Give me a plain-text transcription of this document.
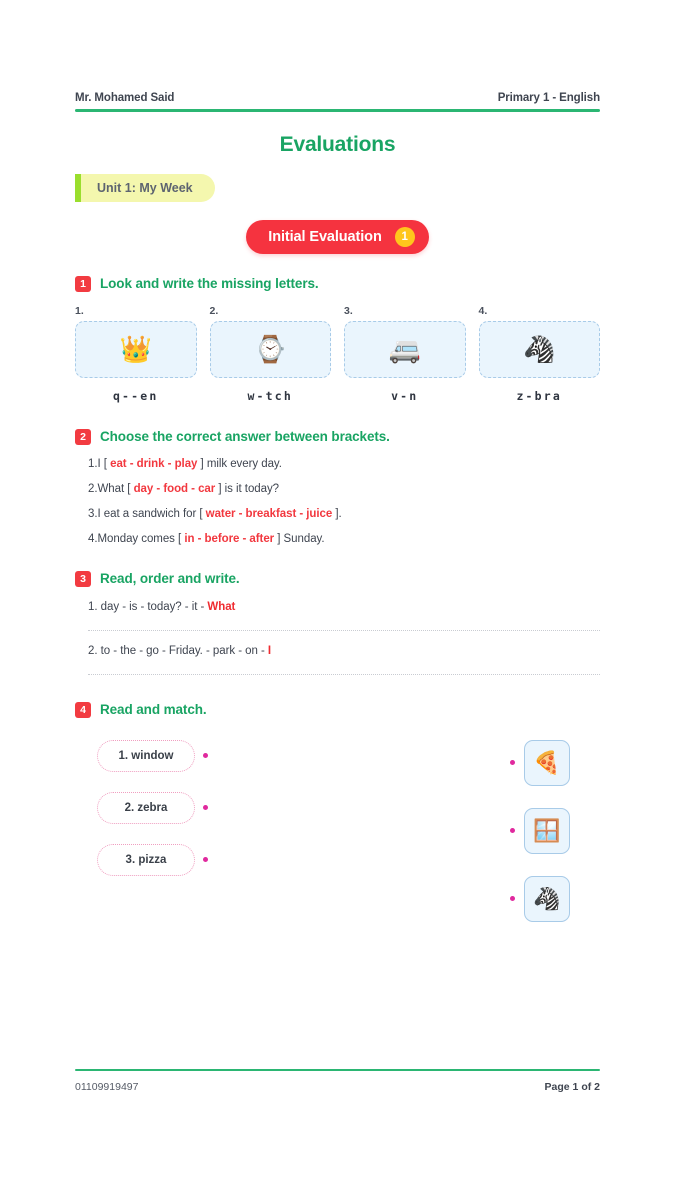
Mr. Mohamed Said	Primary 1 - English
Evaluations
Unit 1: My Week
Initial Evaluation	1
1	Look and write the missing letters.
1.
👑
q--en
2.
⌚
w-tch
3.
🚐
v-n
4.
🦓
z-bra
2	Choose the correct answer between brackets.
1.I [ eat - drink - play ] milk every day.
2.What [ day - food - car ] is it today?
3.I eat a sandwich for [ water - breakfast - juice ].
4.Monday comes [ in - before - after ] Sunday.
3	Read, order and write.
1. day - is - today? - it - What
2. to - the - go - Friday. - park - on - I
4	Read and match.
1. window
2. zebra
3. pizza
🍕
🪟
🦓
01109919497	Page 1 of 2
